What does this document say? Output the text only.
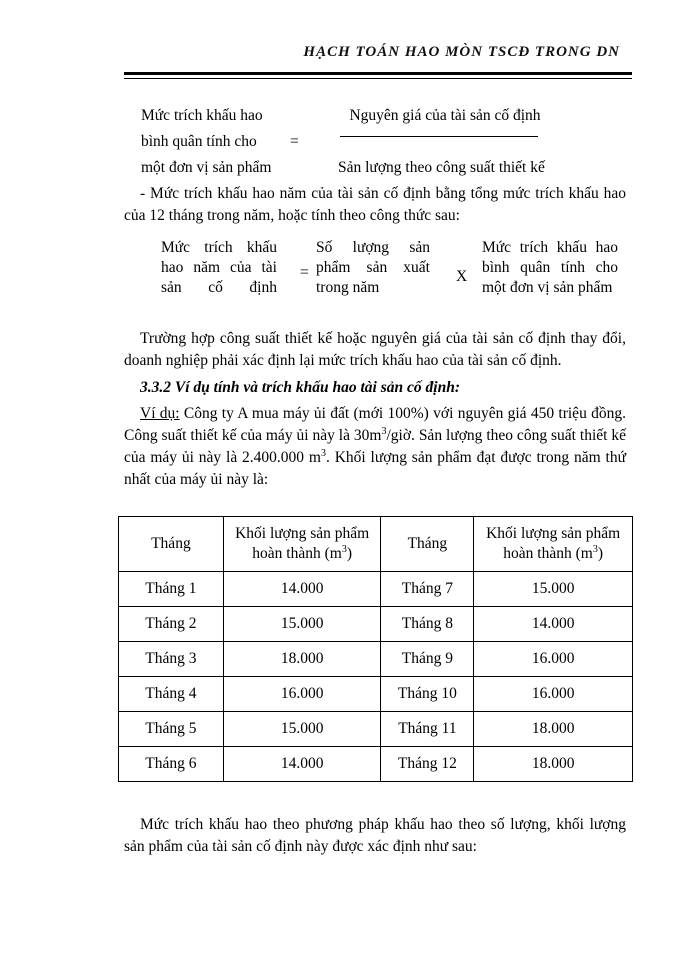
HẠCH TOÁN HAO MÒN TSCĐ TRONG DN
Mức trích khấu hao
bình quân tính cho
một đơn vị sản phẩm
=
Nguyên giá của tài sản cố định
Sản lượng theo công suất thiết kế
- Mức trích khấu hao năm của tài sản cố định bằng tổng mức trích khấu hao của 12 tháng trong năm, hoặc tính theo công thức sau:
Mức trích khấu hao năm của tài sản cố định
=
Số lượng sản phẩm sản xuất trong năm
X
Mức trích khấu hao bình quân tính cho một đơn vị sản phẩm
Trường hợp công suất thiết kế hoặc nguyên giá của tài sản cố định thay đổi, doanh nghiệp phải xác định lại mức trích khấu hao của tài sản cố định.
3.3.2 Ví dụ tính và trích khấu hao tài sản cố định:
Ví dụ: Công ty A mua máy ủi đất (mới 100%) với nguyên giá 450 triệu đồng. Công suất thiết kế của máy ủi này là $30m^3$/giờ. Sản lượng theo công suất thiết kế của máy ủi này là 2.400.000 $m^3$. Khối lượng sản phẩm đạt được trong năm thứ nhất của máy ủi này là:
Tháng	Khối lượng sản phẩm hoàn thành $(m^3)$	Tháng	Khối lượng sản phẩm hoàn thành $(m^3)$
Tháng 1	14.000	Tháng 7	15.000
Tháng 2	15.000	Tháng 8	14.000
Tháng 3	18.000	Tháng 9	16.000
Tháng 4	16.000	Tháng 10	16.000
Tháng 5	15.000	Tháng 11	18.000
Tháng 6	14.000	Tháng 12	18.000
Mức trích khấu hao theo phương pháp khấu hao theo số lượng, khối lượng sản phẩm của tài sản cố định này được xác định như sau:
